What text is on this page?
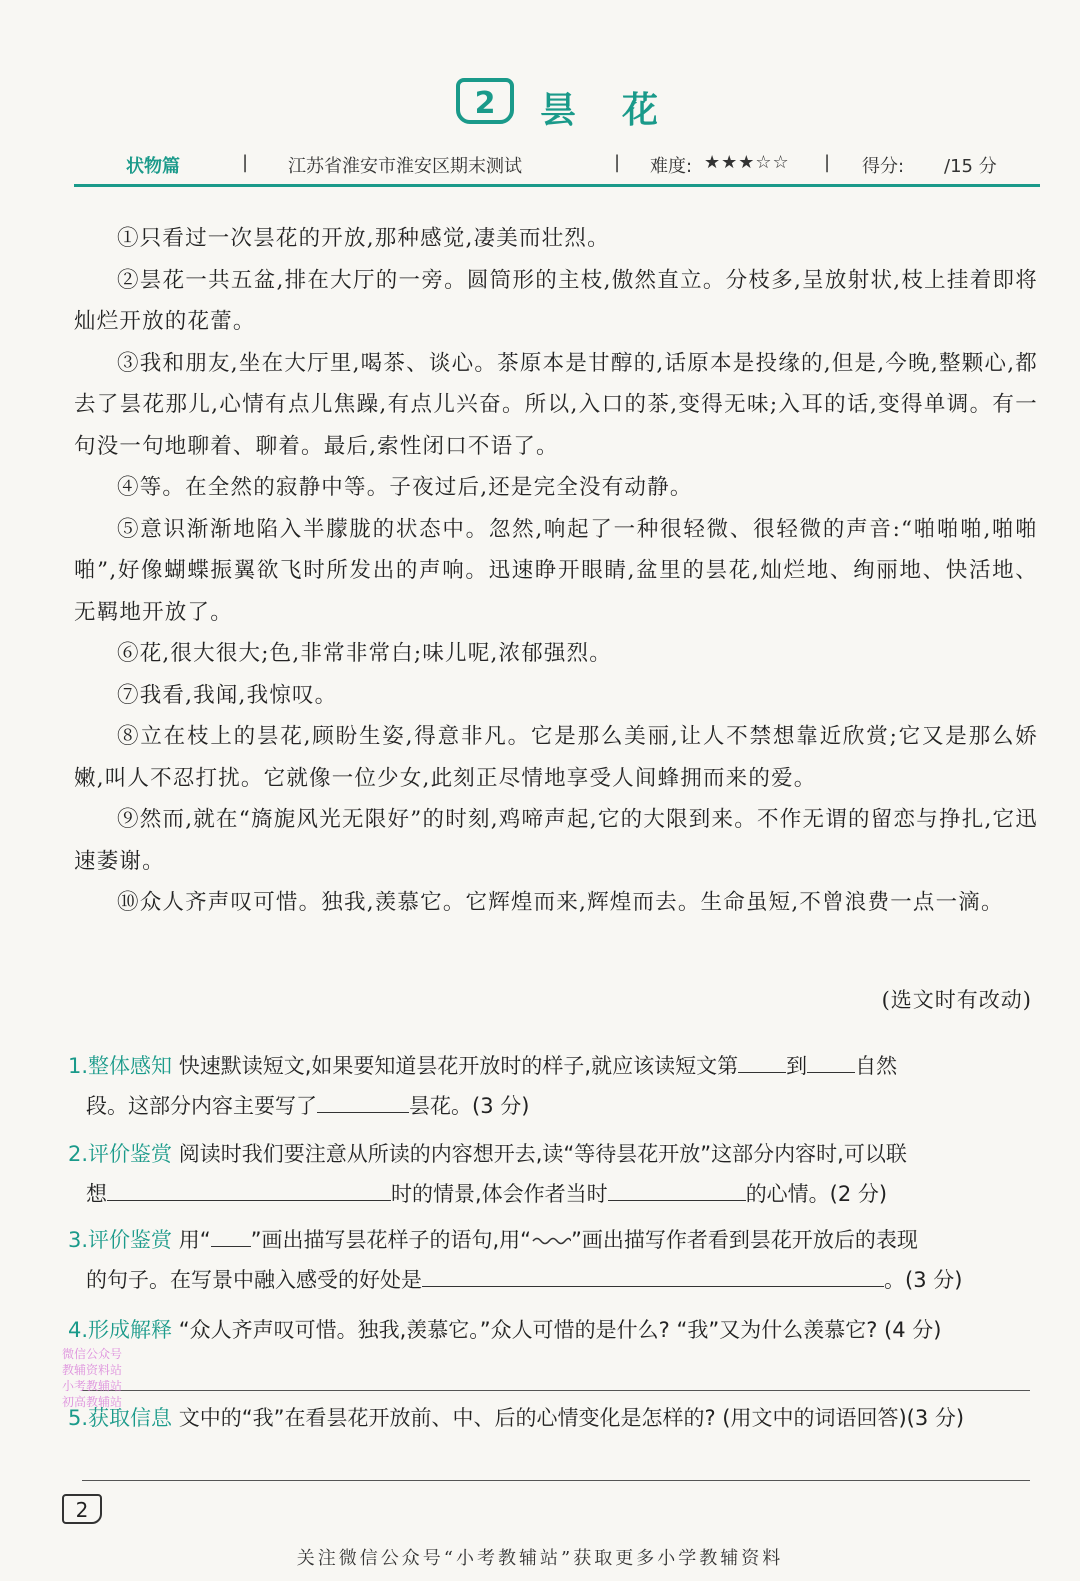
2	昙花
状物篇	| 江苏省淮安市淮安区期末测试	| 难度: ★★★☆☆ | 得分: /15 分

①只看过一次昙花的开放,那种感觉,凄美而壮烈。

②昙花一共五盆,排在大厅的一旁。圆筒形的主枝,傲然直立。分枝多,呈放射状,枝上挂着即将灿烂开放的花蕾。

③我和朋友,坐在大厅里,喝茶、谈心。茶原本是甘醇的,话原本是投缘的,但是,今晚,整颗心,都去了昙花那儿,心情有点儿焦躁,有点儿兴奋。所以,入口的茶,变得无味;入耳的话,变得单调。有一句没一句地聊着、聊着。最后,索性闭口不语了。

④等。在全然的寂静中等。子夜过后,还是完全没有动静。

⑤意识渐渐地陷入半朦胧的状态中。忽然,响起了一种很轻微、很轻微的声音:“啪啪啪,啪啪啪”,好像蝴蝶振翼欲飞时所发出的声响。迅速睁开眼睛,盆里的昙花,灿烂地、绚丽地、快活地、无羁地开放了。

⑥花,很大很大;色,非常非常白;味儿呢,浓郁强烈。

⑦我看,我闻,我惊叹。

⑧立在枝上的昙花,顾盼生姿,得意非凡。它是那么美丽,让人不禁想靠近欣赏;它又是那么娇嫩,叫人不忍打扰。它就像一位少女,此刻正尽情地享受人间蜂拥而来的爱。

⑨然而,就在“旖旎风光无限好”的时刻,鸡啼声起,它的大限到来。不作无谓的留恋与挣扎,它迅速萎谢。

⑩众人齐声叹可惜。独我,羡慕它。它辉煌而来,辉煌而去。生命虽短,不曾浪费一点一滴。

(选文时有改动)
1.整体感知 快速默读短文,如果要知道昙花开放时的样子,就应该读短文第 到 自然
段。这部分内容主要写了	昙花。(3 分)
2.评价鉴赏 阅读时我们要注意从所读的内容想开去,读“等待昙花开放”这部分内容时,可以联
想	时的情景,体会作者当时	的心情。(2 分)
3.评价鉴赏 用“ ”画出描写昙花样子的语句,用“ ”画出描写作者看到昙花开放后的表现
的句子。在写景中融入感受的好处是	。(3 分)
4.形成解释 “众人齐声叹可惜。独我,羡慕它。”众人可惜的是什么? “我”又为什么羡慕它? (4 分)
5.获取信息 文中的“我”在看昙花开放前、中、后的心情变化是怎样的? (用文中的词语回答)(3 分)
微信公众号
教辅资料站
小考教辅站
初高教辅站
2
关注微信公众号“小考教辅站”获取更多小学教辅资料
